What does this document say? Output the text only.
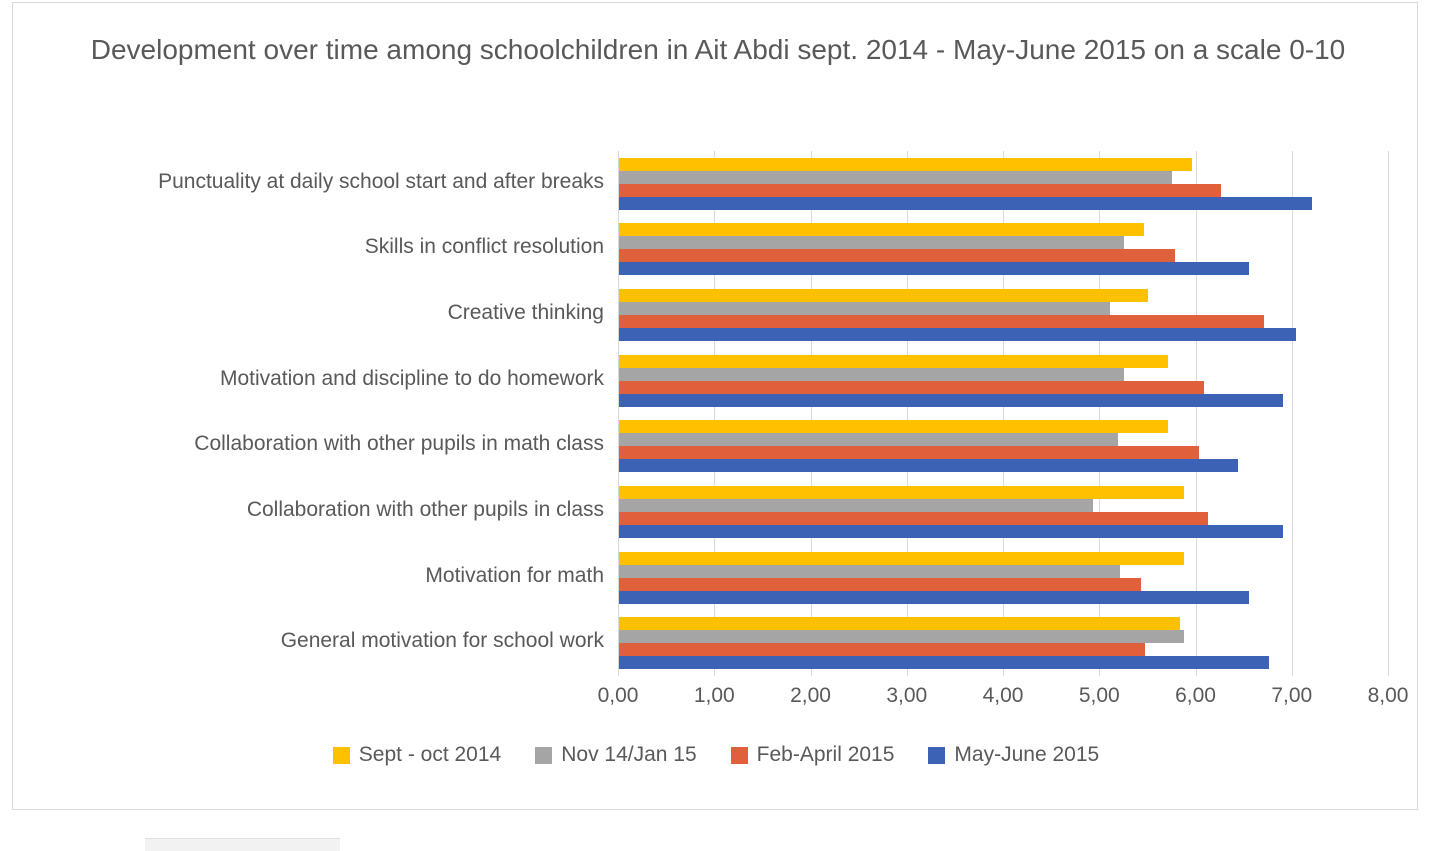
Development over time among schoolchildren in Ait Abdi sept. 2014 - May-June 2015 on a scale 0-10
Punctuality at daily school start and after breaks
Skills in conflict resolution
Creative thinking
Motivation and discipline to do homework
Collaboration with other pupils in math class
Collaboration with other pupils in class
Motivation for math
General motivation for school work
0,00	1,00	2,00	3,00	4,00	5,00	6,00	7,00	8,00
Sept - oct 2014	Nov 14/Jan 15	Feb-April 2015	May-June 2015
